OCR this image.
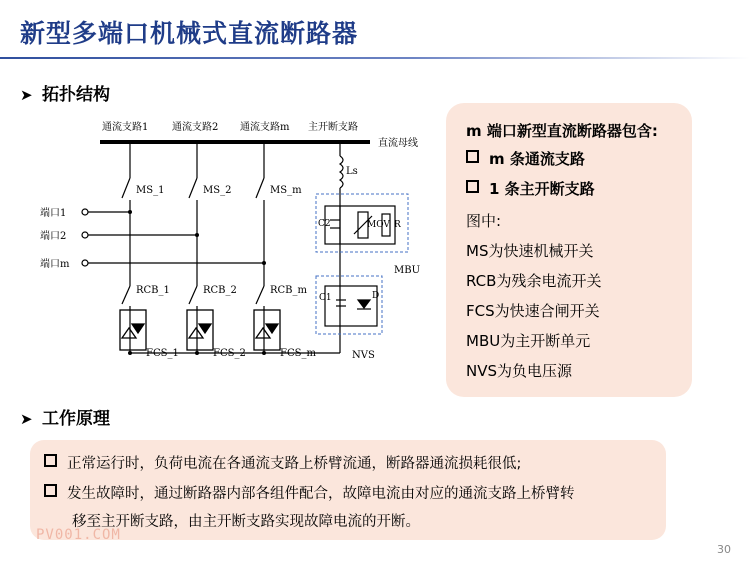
新型多端口机械式直流断路器
➤ 拓扑结构
通流支路1 通流支路2 通流支路m 主开断支路
直流母线
端口1
端口2
端口m
MS_1	MS_2	MS_m
RCB_1	RCB_2	RCB_m
FCS_1	FCS_2	FCS_m
Ls
C2	MOV R
MBU
C1	D
NVS
m 端口新型直流断路器包含:
m 条通流支路
1 条主开断支路
图中:
MS为快速机械开关
RCB为残余电流开关
FCS为快速合闸开关
MBU为主开断单元
NVS为负电压源
➤ 工作原理
正常运行时，负荷电流在各通流支路上桥臂流通，断路器通流损耗很低;
发生故障时，通过断路器内部各组件配合，故障电流由对应的通流支路上桥臂转
移至主开断支路，由主开断支路实现故障电流的开断。
PV001.COM
30
